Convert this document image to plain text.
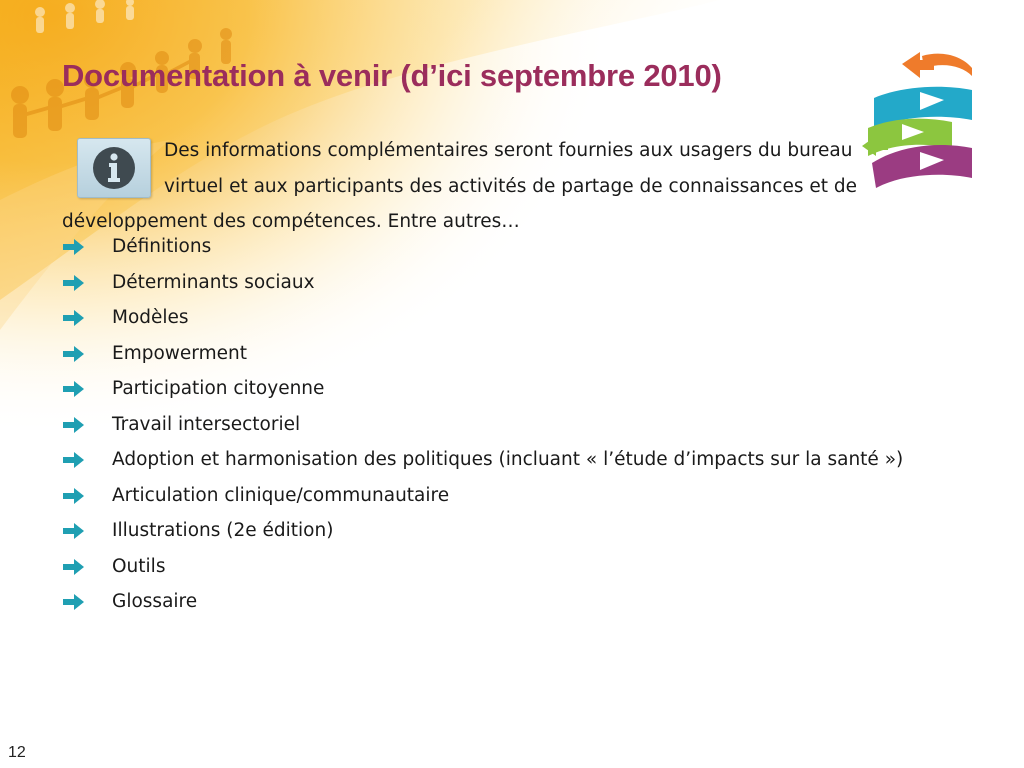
Documentation à venir (d’ici septembre 2010)

Des informations complémentaires seront fournies aux usagers du bureau
virtuel et aux participants des activités de partage de connaissances et de
développement des compétences. Entre autres…

Définitions
Déterminants sociaux
Modèles
Empowerment
Participation citoyenne
Travail intersectoriel
Adoption et harmonisation des politiques (incluant « l’étude d’impacts sur la santé »)
Articulation clinique/communautaire
Illustrations (2e édition)
Outils
Glossaire
12
